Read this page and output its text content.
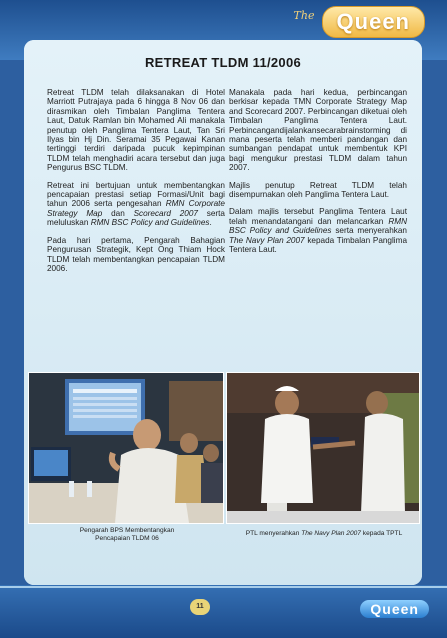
The	Queen
RETREAT TLDM 11/2006

Retreat TLDM telah dilaksanakan di Hotel Marriott Putrajaya pada 6 hingga 8 Nov 06 dan dirasmikan oleh Timbalan Panglima Tentera Laut, Datuk Ramlan bin Mohamed Ali manakala penutup oleh Panglima Tentera Laut, Tan Sri Ilyas bin Hj Din. Seramai 35 Pegawai Kanan tertinggi terdiri daripada pucuk kepimpinan TLDM telah menghadiri acara tersebut dan juga Pengurus BSC TLDM.

Retreat ini bertujuan untuk membentangkan pencapaian prestasi setiap Formasi/Unit bagi tahun 2006 serta pengesahan RMN Corporate Strategy Map dan Scorecard 2007 serta meluluskan RMN BSC Policy and Guidelines.

Pada hari pertama, Pengarah Bahagian Pengurusan Strategik, Kept Ong Thiam Hock TLDM telah membentangkan pencapaian TLDM 2006.

Manakala pada hari kedua, perbincangan berkisar kepada TMN Corporate Strategy Map and Scorecard 2007. Perbincangan diketuai oleh Timbalan Panglima Tentera Laut. Perbincangandijalankansecarabrainstorming di mana peserta telah memberi pandangan dan sumbangan pendapat untuk membentuk KPI bagi mengukur prestasi TLDM dalam tahun 2007.

Majlis penutup Retreat TLDM telah disempurnakan oleh Panglima Tentera Laut.

Dalam majlis tersebut Panglima Tentera Laut telah menandatangani dan melancarkan RMN BSC Policy and Guidelines serta menyerahkan The Navy Plan 2007 kepada Timbalan Panglima Tentera Laut.

Pengarah BPS Membentangkan
Pencapaian TLDM 06
PTL menyerahkan The Navy Plan 2007 kepada TPTL
11	Queen
